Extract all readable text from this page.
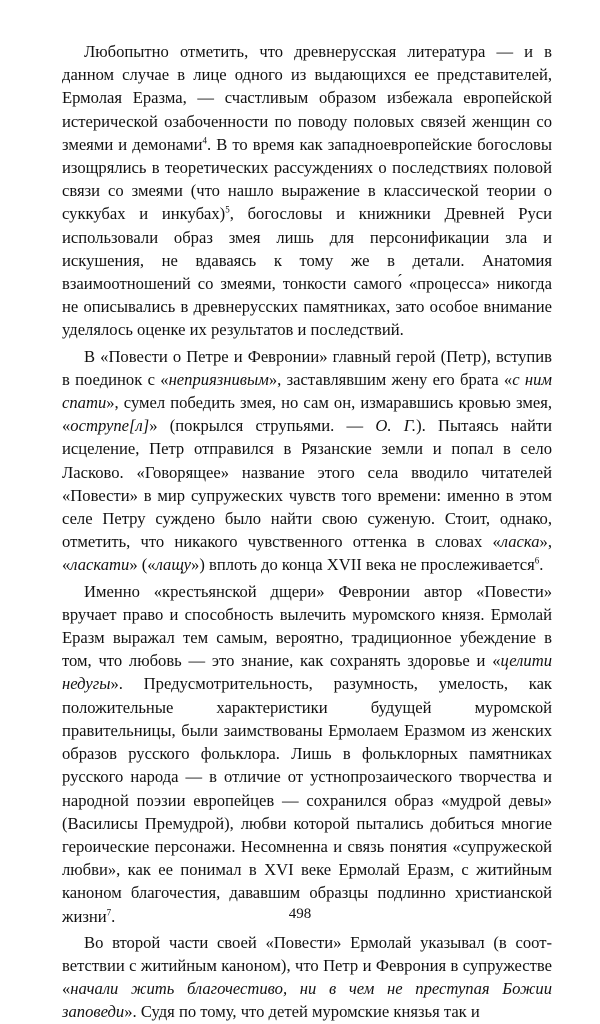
Любопытно отметить, что древнерусская литература — и в данном случае в лице одного из выдающихся ее представителей, Ермолая Еразма, — счастливым образом избежала европейской истерической озабоченности по поводу половых связей женщин со змеями и демонами$^4$. В то время как западноевропейские богословы изощрялись в теоретических рассуждениях о последствиях половой связи со змеями (что нашло выражение в классической теории о суккубах и инкубах)$^5$, богословы и книжники Древней Руси использовали образ змея лишь для персонификации зла и искушения, не вдаваясь к тому же в детали. Анатомия взаимоотношений со змеями, тонкости самого́ «процесса» никогда не описывались в древнерусских памятниках, зато особое внимание уделялось оценке их результатов и последствий.

В «Повести о Петре и Февронии» главный герой (Петр), вступив в поединок с «неприязнивым», заставлявшим жену его брата «с ним спати», сумел победить змея, но сам он, измаравшись кровью змея, «острупе[л]» (покрылся струпьями. — О. Г.). Пытаясь найти исцеление, Петр отправился в Рязанские земли и попал в село Ласково. «Говорящее» название этого села вводило читателей «Повести» в мир супружеских чувств того времени: именно в этом селе Петру суждено было найти свою суженую. Стоит, однако, отметить, что никакого чувственного оттенка в словах «ласка», «ласкати» («лащу») вплоть до конца XVII века не прослеживается$^6$.

Именно «крестьянской дщери» Февронии автор «Повести» вручает право и способность вылечить муромского князя. Ермолай Еразм выражал тем самым, вероятно, традиционное убеждение в том, что любовь — это знание, как сохранять здоровье и «целити недугы». Предусмотрительность, разумность, умелость, как положительные характеристики будущей муромской правительницы, были заимствованы Ермолаем Еразмом из женских образов русского фольклора. Лишь в фольклорных памятниках русского народа — в отличие от устнопрозаического творчества и народной поэзии европейцев — сохранился образ «мудрой девы» (Василисы Премудрой), любви которой пытались добиться многие героические персонажи. Несомненна и связь понятия «супружеской любви», как ее понимал в XVI веке Ермолай Еразм, с житийным каноном благочестия, дававшим образцы подлинно христианской жизни$^7$.

Во второй части своей «Повести» Ермолай указывал (в соответствии с житийным каноном), что Петр и Феврония в супружестве «начали жить благочестиво, ни в чем не преступая Божии заповеди». Судя по тому, что детей муромские князья так и

498
